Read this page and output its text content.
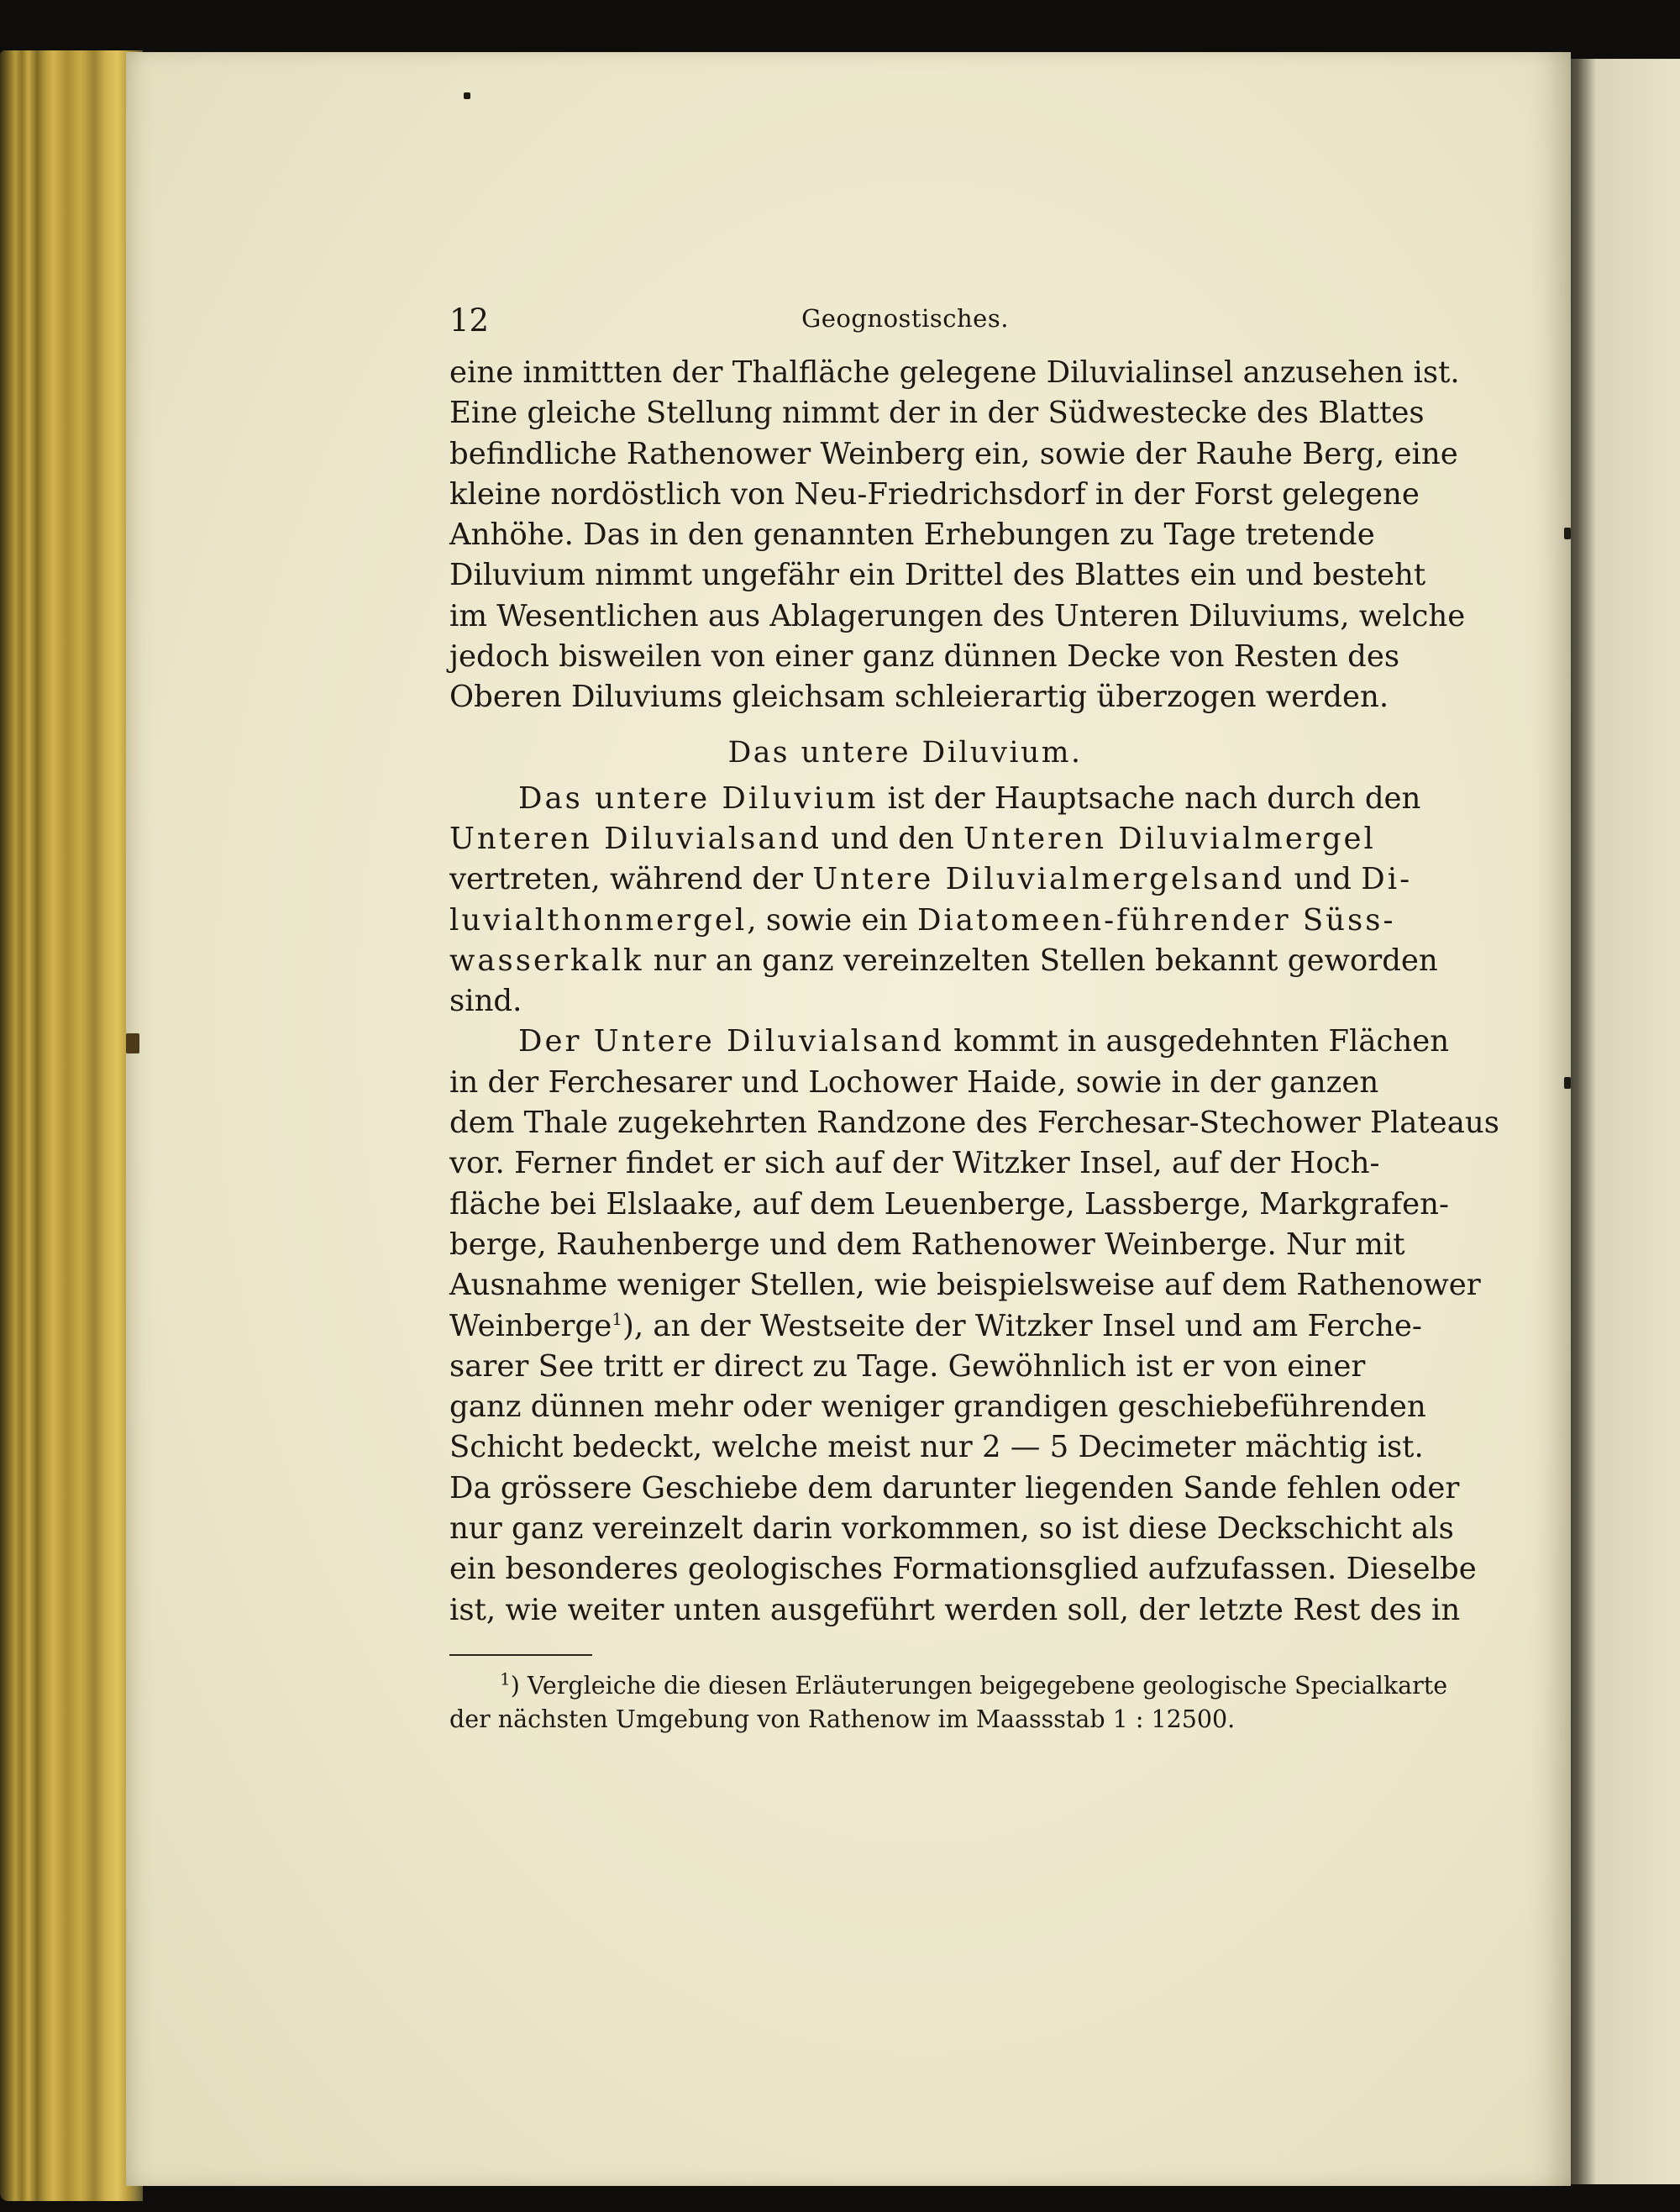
12	Geognostisches.
eine inmittten der Thalfläche gelegene Diluvialinsel anzusehen ist.
Eine gleiche Stellung nimmt der in der Südwestecke des Blattes
befindliche Rathenower Weinberg ein, sowie der Rauhe Berg, eine
kleine nordöstlich von Neu-Friedrichsdorf in der Forst gelegene
Anhöhe. Das in den genannten Erhebungen zu Tage tretende
Diluvium nimmt ungefähr ein Drittel des Blattes ein und besteht
im Wesentlichen aus Ablagerungen des Unteren Diluviums, welche
jedoch bisweilen von einer ganz dünnen Decke von Resten des
Oberen Diluviums gleichsam schleierartig überzogen werden.
Das untere Diluvium.
Das untere Diluvium ist der Hauptsache nach durch den
Unteren Diluvialsand und den Unteren Diluvialmergel
vertreten, während der Untere Diluvialmergelsand und Di-
luvialthonmergel, sowie ein Diatomeen-führender Süss-
wasserkalk nur an ganz vereinzelten Stellen bekannt geworden
sind.
Der Untere Diluvialsand kommt in ausgedehnten Flächen
in der Ferchesarer und Lochower Haide, sowie in der ganzen
dem Thale zugekehrten Randzone des Ferchesar-Stechower Plateaus
vor. Ferner findet er sich auf der Witzker Insel, auf der Hoch-
fläche bei Elslaake, auf dem Leuenberge, Lassberge, Markgrafen-
berge, Rauhenberge und dem Rathenower Weinberge. Nur mit
Ausnahme weniger Stellen, wie beispielsweise auf dem Rathenower
Weinberge$^1$), an der Westseite der Witzker Insel und am Ferche-
sarer See tritt er direct zu Tage. Gewöhnlich ist er von einer
ganz dünnen mehr oder weniger grandigen geschiebeführenden
Schicht bedeckt, welche meist nur 2 — 5 Decimeter mächtig ist.
Da grössere Geschiebe dem darunter liegenden Sande fehlen oder
nur ganz vereinzelt darin vorkommen, so ist diese Deckschicht als
ein besonderes geologisches Formationsglied aufzufassen. Dieselbe
ist, wie weiter unten ausgeführt werden soll, der letzte Rest des in
$^1$) Vergleiche die diesen Erläuterungen beigegebene geologische Specialkarte
der nächsten Umgebung von Rathenow im Maassstab 1 : 12500.
